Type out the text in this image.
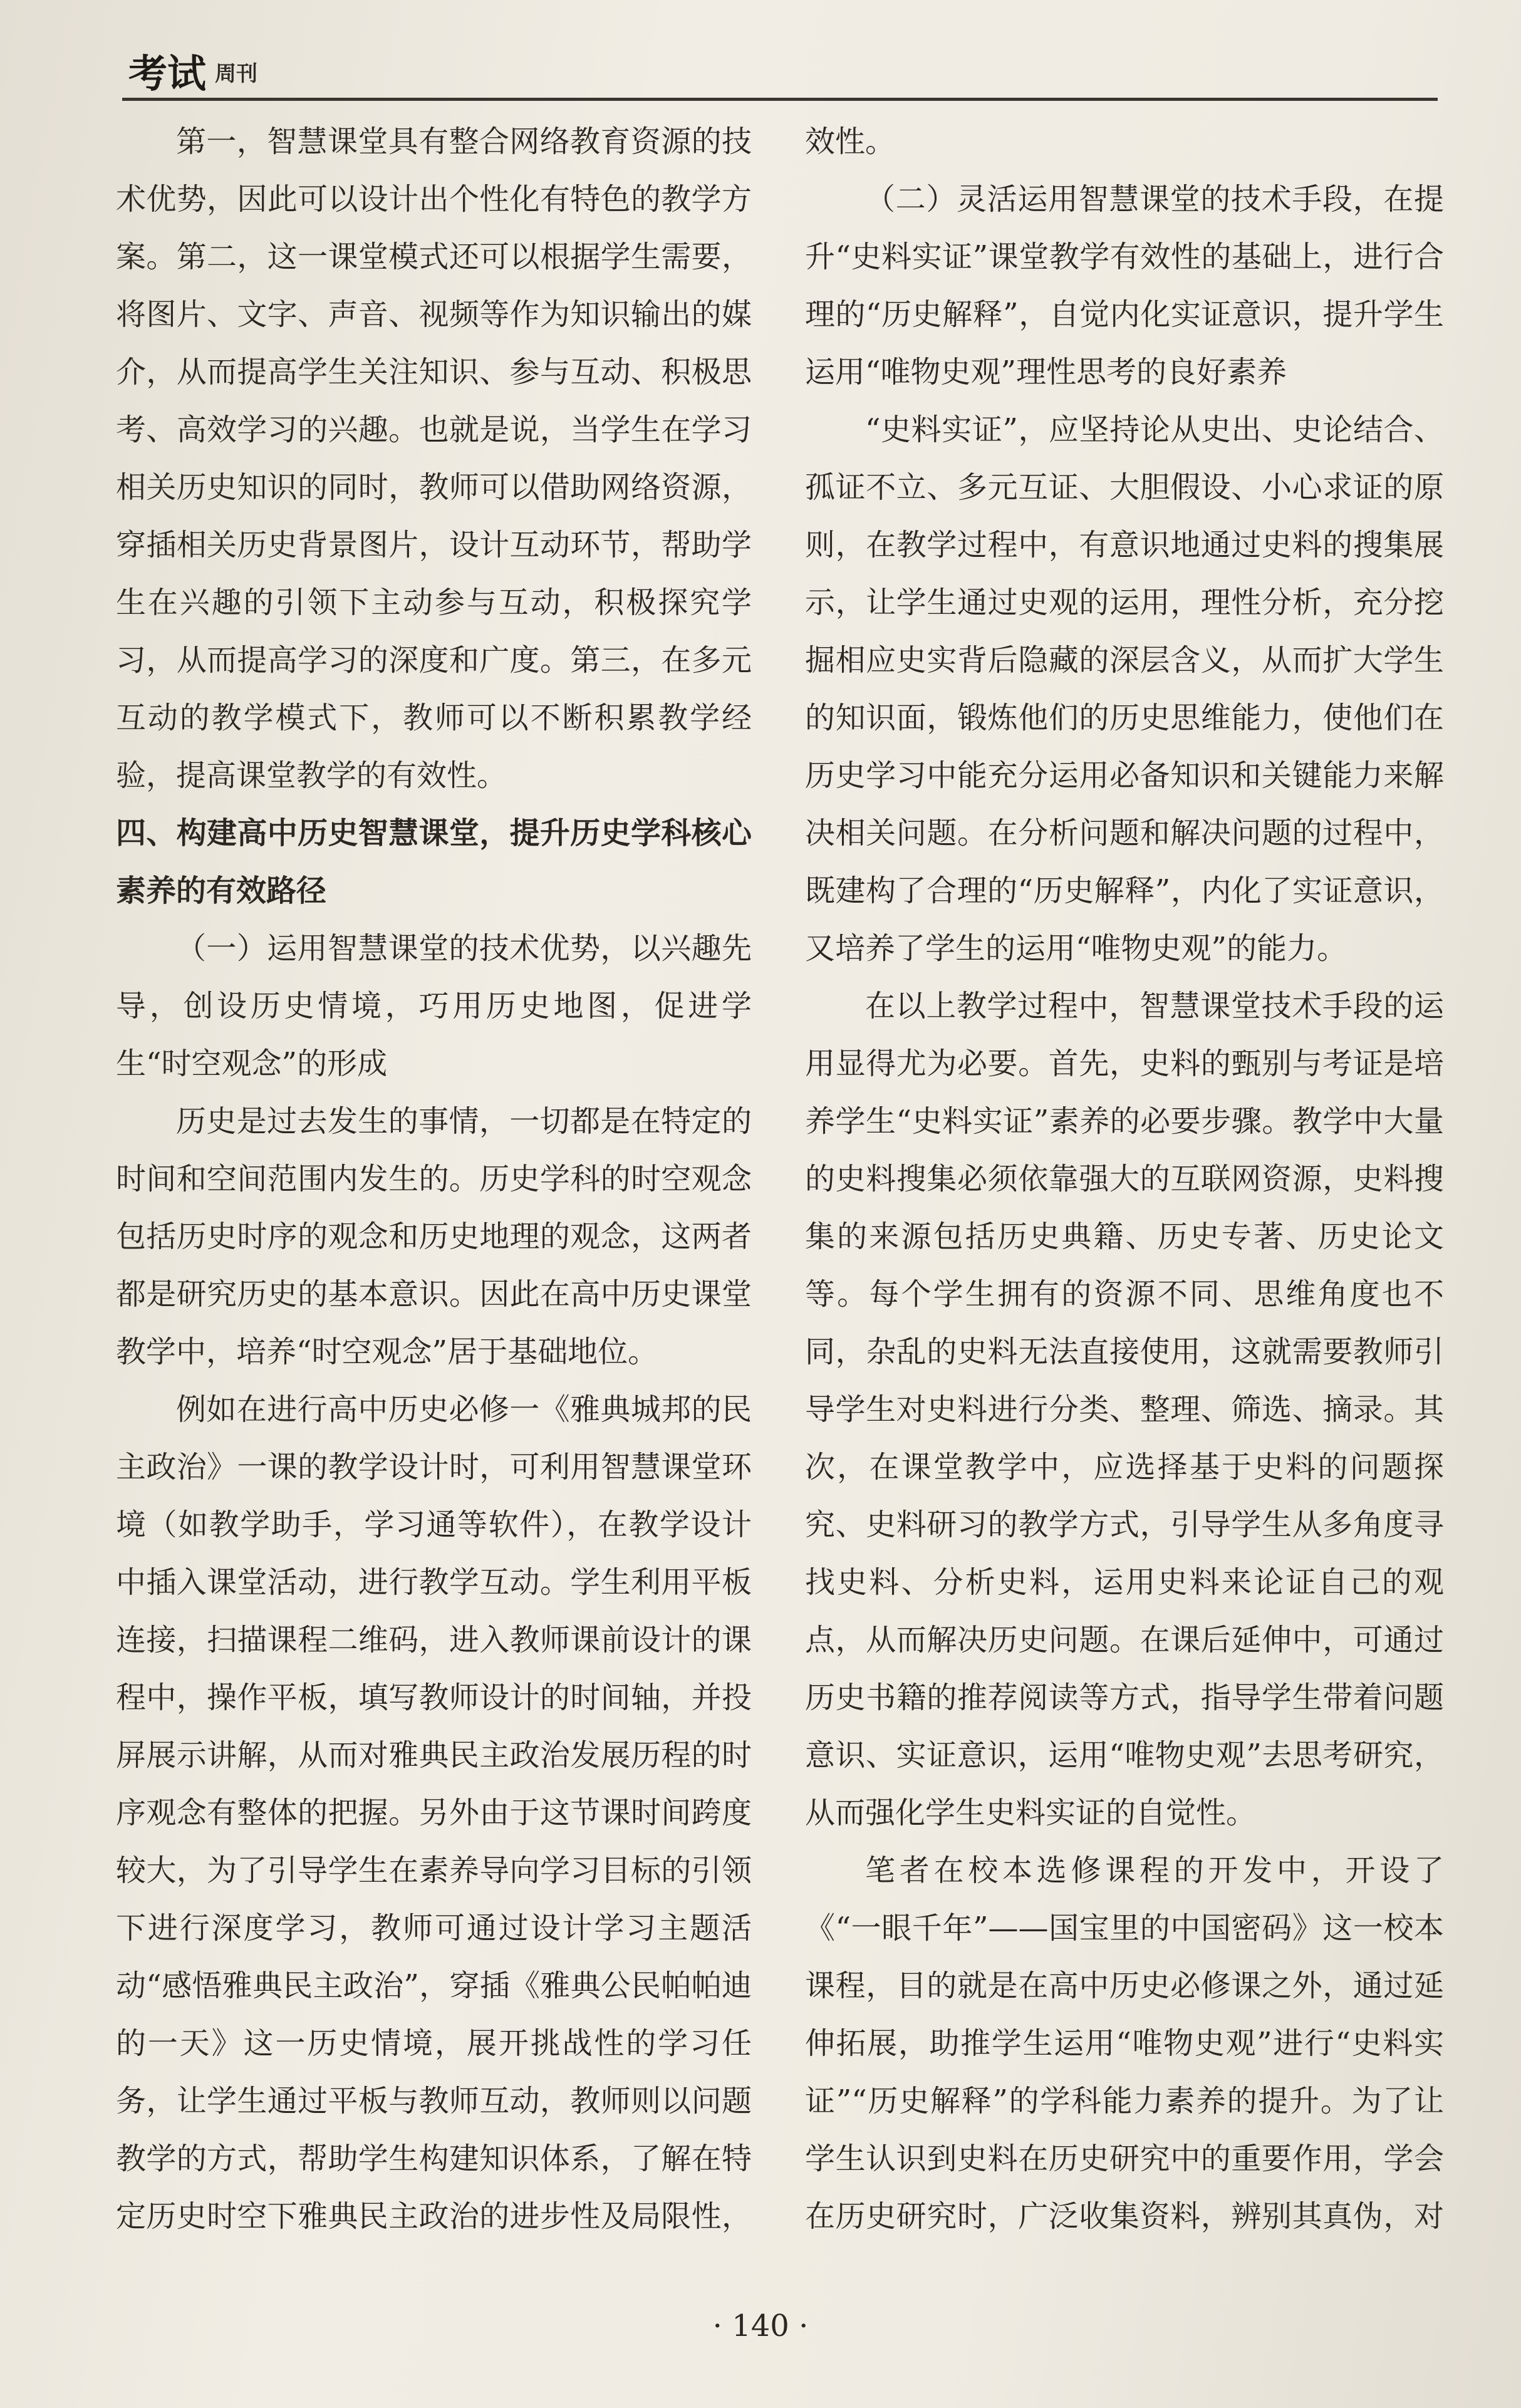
考试 周刊

第一，智慧课堂具有整合网络教育资源的技术优势，因此可以设计出个性化有特色的教学方案。第二，这一课堂模式还可以根据学生需要，将图片、文字、声音、视频等作为知识输出的媒介，从而提高学生关注知识、参与互动、积极思考、高效学习的兴趣。也就是说，当学生在学习相关历史知识的同时，教师可以借助网络资源，穿插相关历史背景图片，设计互动环节，帮助学生在兴趣的引领下主动参与互动，积极探究学习，从而提高学习的深度和广度。第三，在多元互动的教学模式下，教师可以不断积累教学经验，提高课堂教学的有效性。

四、构建高中历史智慧课堂，提升历史学科核心素养的有效路径
（一）运用智慧课堂的技术优势，以兴趣先导，创设历史情境，巧用历史地图，促进学生“时空观念”的形成

历史是过去发生的事情，一切都是在特定的时间和空间范围内发生的。历史学科的时空观念包括历史时序的观念和历史地理的观念，这两者都是研究历史的基本意识。因此在高中历史课堂教学中，培养“时空观念”居于基础地位。

例如在进行高中历史必修一《雅典城邦的民主政治》一课的教学设计时，可利用智慧课堂环境（如教学助手，学习通等软件），在教学设计中插入课堂活动，进行教学互动。学生利用平板连接，扫描课程二维码，进入教师课前设计的课程中，操作平板，填写教师设计的时间轴，并投屏展示讲解，从而对雅典民主政治发展历程的时序观念有整体的把握。另外由于这节课时间跨度较大，为了引导学生在素养导向学习目标的引领下进行深度学习，教师可通过设计学习主题活动“感悟雅典民主政治”，穿插《雅典公民帕帕迪的一天》这一历史情境，展开挑战性的学习任务，让学生通过平板与教师互动，教师则以问题教学的方式，帮助学生构建知识体系，了解在特定历史时空下雅典民主政治的进步性及局限性，

效性。

（二）灵活运用智慧课堂的技术手段，在提升“史料实证”课堂教学有效性的基础上，进行合理的“历史解释”，自觉内化实证意识，提升学生运用“唯物史观”理性思考的良好素养

“史料实证”，应坚持论从史出、史论结合、孤证不立、多元互证、大胆假设、小心求证的原则，在教学过程中，有意识地通过史料的搜集展示，让学生通过史观的运用，理性分析，充分挖掘相应史实背后隐藏的深层含义，从而扩大学生的知识面，锻炼他们的历史思维能力，使他们在历史学习中能充分运用必备知识和关键能力来解决相关问题。在分析问题和解决问题的过程中，既建构了合理的“历史解释”，内化了实证意识，又培养了学生的运用“唯物史观”的能力。

在以上教学过程中，智慧课堂技术手段的运用显得尤为必要。首先，史料的甄别与考证是培养学生“史料实证”素养的必要步骤。教学中大量的史料搜集必须依靠强大的互联网资源，史料搜集的来源包括历史典籍、历史专著、历史论文等。每个学生拥有的资源不同、思维角度也不同，杂乱的史料无法直接使用，这就需要教师引导学生对史料进行分类、整理、筛选、摘录。其次，在课堂教学中，应选择基于史料的问题探究、史料研习的教学方式，引导学生从多角度寻找史料、分析史料，运用史料来论证自己的观点，从而解决历史问题。在课后延伸中，可通过历史书籍的推荐阅读等方式，指导学生带着问题意识、实证意识，运用“唯物史观”去思考研究，从而强化学生史料实证的自觉性。

笔者在校本选修课程的开发中，开设了《“一眼千年”——国宝里的中国密码》这一校本课程，目的就是在高中历史必修课之外，通过延伸拓展，助推学生运用“唯物史观”进行“史料实证”“历史解释”的学科能力素养的提升。为了让学生认识到史料在历史研究中的重要作用，学会在历史研究时，广泛收集资料，辨别其真伪，对

· 140 ·
